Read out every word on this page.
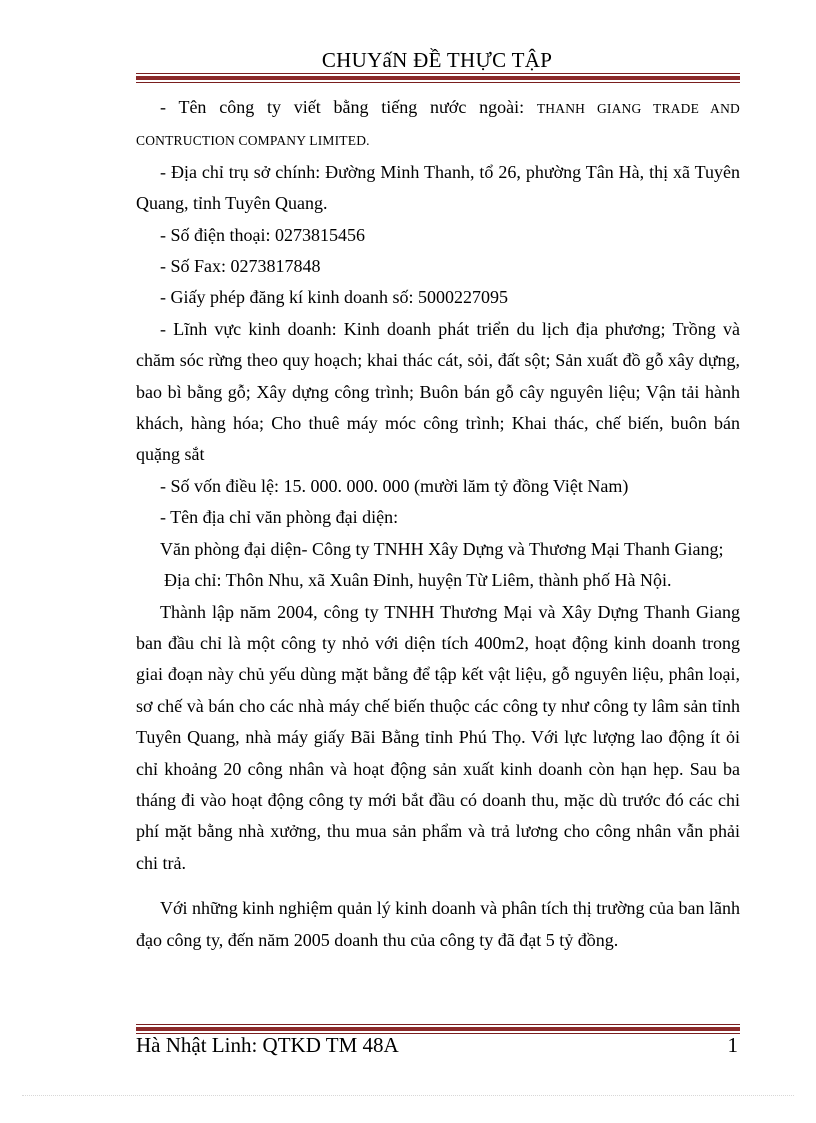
CHUYấN ĐỀ THỰC TẬP

- Tên công ty viết bằng tiếng nước ngoài: THANH GIANG TRADE AND CONTRUCTION COMPANY LIMITED.

- Địa chỉ trụ sở chính: Đường Minh Thanh, tổ 26, phường Tân Hà, thị xã Tuyên Quang, tỉnh Tuyên Quang.

- Số điện thoại: 0273815456

- Số Fax: 0273817848

- Giấy phép đăng kí kinh doanh số: 5000227095

- Lĩnh vực kinh doanh: Kinh doanh phát triển du lịch địa phương; Trồng và chăm sóc rừng theo quy hoạch; khai thác cát, sỏi, đất sột; Sản xuất đồ gỗ xây dựng, bao bì bằng gỗ; Xây dựng công trình; Buôn bán gỗ cây nguyên liệu; Vận tải hành khách, hàng hóa; Cho thuê máy móc công trình; Khai thác, chế biến, buôn bán quặng sắt

- Số vốn điều lệ: 15. 000. 000. 000 (mười lăm tỷ đồng Việt Nam)

- Tên địa chỉ văn phòng đại diện:

Văn phòng đại diện- Công ty TNHH Xây Dựng và Thương Mại Thanh Giang;

Địa chỉ: Thôn Nhu, xã Xuân Đỉnh, huyện Từ Liêm, thành phố Hà Nội.

Thành lập năm 2004, công ty TNHH Thương Mại và Xây Dựng Thanh Giang ban đầu chỉ là một công ty nhỏ với diện tích 400m2, hoạt động kinh doanh trong giai đoạn này chủ yếu dùng mặt bằng để tập kết vật liệu, gỗ nguyên liệu, phân loại, sơ chế và bán cho các nhà máy chế biến thuộc các công ty như công ty lâm sản tỉnh Tuyên Quang, nhà máy giấy Bãi Bằng tỉnh Phú Thọ. Với lực lượng lao động ít ỏi chỉ khoảng 20 công nhân và hoạt động sản xuất kinh doanh còn hạn hẹp. Sau ba tháng đi vào hoạt động công ty mới bắt đầu có doanh thu, mặc dù trước đó các chi phí mặt bằng nhà xưởng, thu mua sản phẩm và trả lương cho công nhân vẫn phải chi trả.

Với những kinh nghiệm quản lý kinh doanh và phân tích thị trường của ban lãnh đạo công ty, đến năm 2005 doanh thu của công ty đã đạt 5 tỷ đồng.

Hà Nhật Linh: QTKD TM 48A	1
